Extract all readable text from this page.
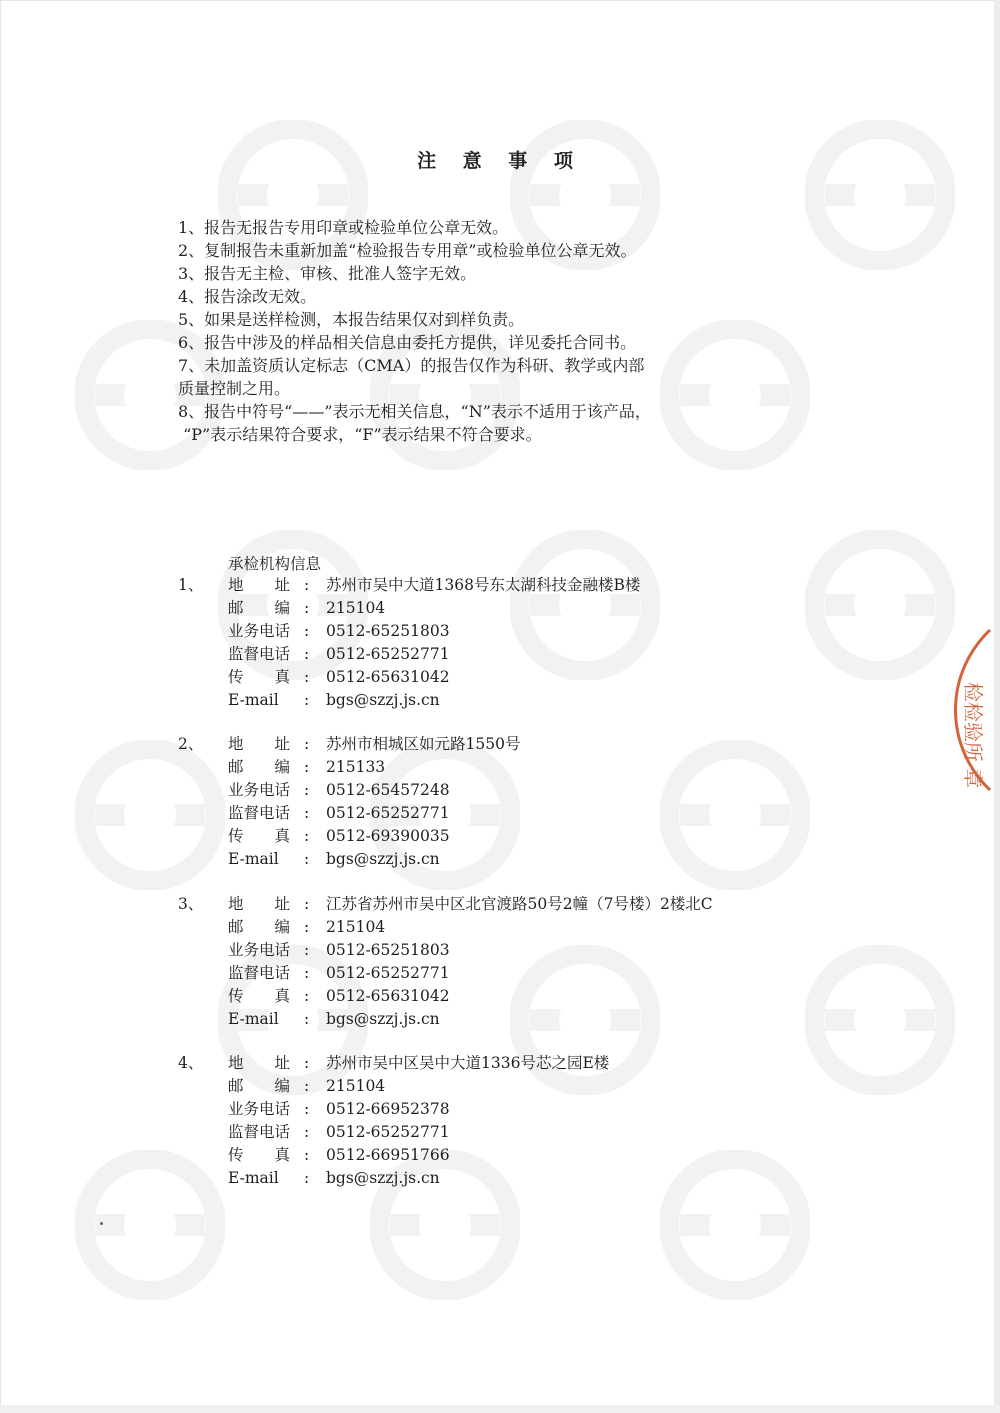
注 意 事 项
1、报告无报告专用印章或检验单位公章无效。
2、复制报告未重新加盖“检验报告专用章”或检验单位公章无效。
3、报告无主检、审核、批准人签字无效。
4、报告涂改无效。
5、如果是送样检测，本报告结果仅对到样负责。
6、报告中涉及的样品相关信息由委托方提供，详见委托合同书。
7、未加盖资质认定标志（CMA）的报告仅作为科研、教学或内部
质量控制之用。
8、报告中符号“——”表示无相关信息，“N”表示不适用于该产品，
“P”表示结果符合要求，“F”表示结果不符合要求。
承检机构信息
1、 地 址 : 苏州市吴中大道1368号东太湖科技金融楼B楼
邮 编 : 215104
业务电话 : 0512-65251803
监督电话 : 0512-65252771
传 真 : 0512-65631042
E-mail	: bgs@szzj.js.cn
2、 地 址 : 苏州市相城区如元路1550号
邮 编 : 215133
业务电话 : 0512-65457248
监督电话 : 0512-65252771
传 真 : 0512-69390035
E-mail	: bgs@szzj.js.cn
3、 地 址 : 江苏省苏州市吴中区北官渡路50号2幢（7号楼）2楼北C
邮 编 : 215104
业务电话 : 0512-65251803
监督电话 : 0512-65252771
传 真 : 0512-65631042
E-mail	: bgs@szzj.js.cn
4、 地 址 : 苏州市吴中区吴中大道1336号芯之园E楼
邮 编 : 215104
业务电话 : 0512-66952378
监督电话 : 0512-65252771
传 真 : 0512-66951766
E-mail	: bgs@szzj.js.cn
检检验所 章
